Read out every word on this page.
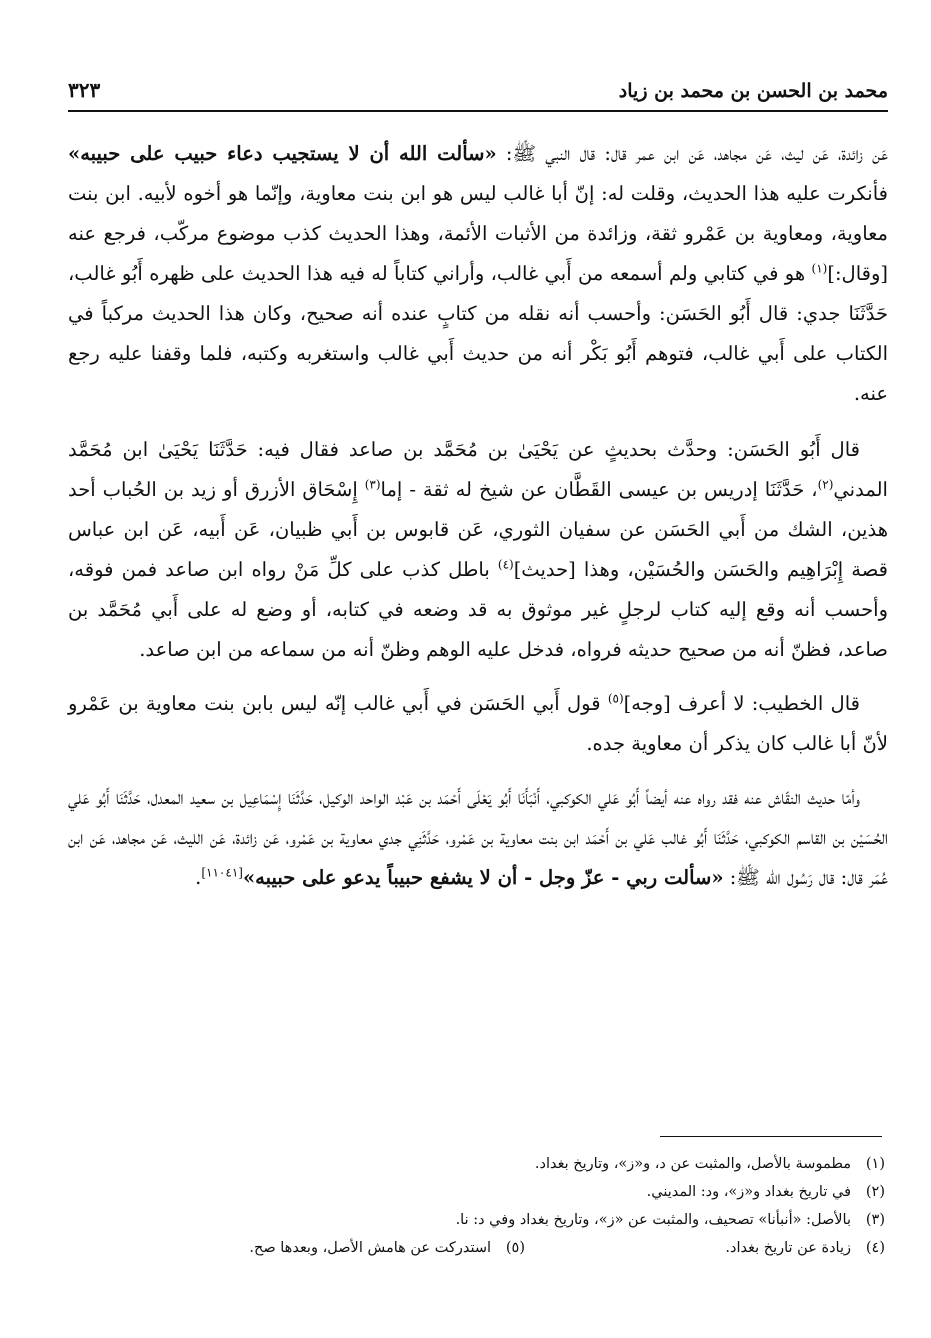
محمد بن الحسن بن محمد بن زياد
٣٢٣

عَن زائدة، عَن ليث، عَن مجاهد، عَن ابن عمر قال: قال النبي ﷺ: «سألت الله أن لا يستجيب دعاء حبيب على حبيبه» فأنكرت عليه هذا الحديث، وقلت له: إنّ أبا غالب ليس هو ابن بنت معاوية، وإنّما هو أخوه لأبيه. ابن بنت معاوية، ومعاوية بن عَمْرو ثقة، وزائدة من الأثبات الأئمة، وهذا الحديث كذب موضوع مركّب، فرجع عنه [وقال:]$^{(١)}$ هو في كتابي ولم أسمعه من أَبي غالب، وأراني كتاباً له فيه هذا الحديث على ظهره أَبُو غالب، حَدَّثَنَا جدي: قال أَبُو الحَسَن: وأحسب أنه نقله من كتابٍ عنده أنه صحيح، وكان هذا الحديث مركباً في الكتاب على أَبي غالب، فتوهم أَبُو بَكْر أنه من حديث أَبي غالب واستغربه وكتبه، فلما وقفنا عليه رجع عنه.

قال أَبُو الحَسَن: وحدَّث بحديثٍ عن يَحْيَىٰ بن مُحَمَّد بن صاعد فقال فيه: حَدَّثَنَا يَحْيَىٰ ابن مُحَمَّد المدني$^{(٢)}$، حَدَّثَنَا إدريس بن عيسى القَطَّان عن شيخ له ثقة - إما$^{(٣)}$ إِسْحَاق الأزرق أو زيد بن الحُباب أحد هذين، الشك من أَبي الحَسَن عن سفيان الثوري، عَن قابوس بن أَبي ظبيان، عَن أَبيه، عَن ابن عباس قصة إِبْرَاهِيم والحَسَن والحُسَيْن، وهذا [حديث]$^{(٤)}$ باطل كذب على كلِّ مَنْ رواه ابن صاعد فمن فوقه، وأحسب أنه وقع إليه كتاب لرجلٍ غير موثوق به قد وضعه في كتابه، أو وضع له على أَبي مُحَمَّد بن صاعد، فظنّ أنه من صحيح حديثه فرواه، فدخل عليه الوهم وظنّ أنه من سماعه من ابن صاعد.

قال الخطيب: لا أعرف [وجه]$^{(٥)}$ قول أَبي الحَسَن في أَبي غالب إنّه ليس بابن بنت معاوية بن عَمْرو لأنّ أبا غالب كان يذكر أن معاوية جده.

وأمّا حديث النقّاش عنه فقد رواه عنه أيضاً أَبُو عَلي الكوكبي، أَنْبَأَنَا أَبُو يَعْلَى أَحْمَد بن عَبْد الواحد الوكيل، حَدَّثَنَا إِسْمَاعِيل بن سعيد المعدل، حَدَّثَنَا أَبُو عَلي الحُسَيْن بن القاسم الكوكبي، حَدَّثَنَا أَبُو غالب عَلي بن أَحْمَد ابن بنت معاوية بن عَمْرو، حَدَّثَنِي جدي معاوية بن عَمْرو، عَن زائدة، عَن الليث، عَن مجاهد، عَن ابن عُمَر قال: قال رَسُول الله ﷺ: «سألت ربي - عزّ وجل - أن لا يشفع حبيباً يدعو على حبيبه»[١١٠٤١].

(١)
مطموسة بالأصل، والمثبت عن د، و«ز»، وتاريخ بغداد.
(٢)
في تاريخ بغداد و«ز»، ود: المديني.
(٣)
بالأصل: «أنبأنا» تصحيف، والمثبت عن «ز»، وتاريخ بغداد وفي د: نا.
(٤)
زيادة عن تاريخ بغداد.
(٥)
استدركت عن هامش الأصل، وبعدها صح.
